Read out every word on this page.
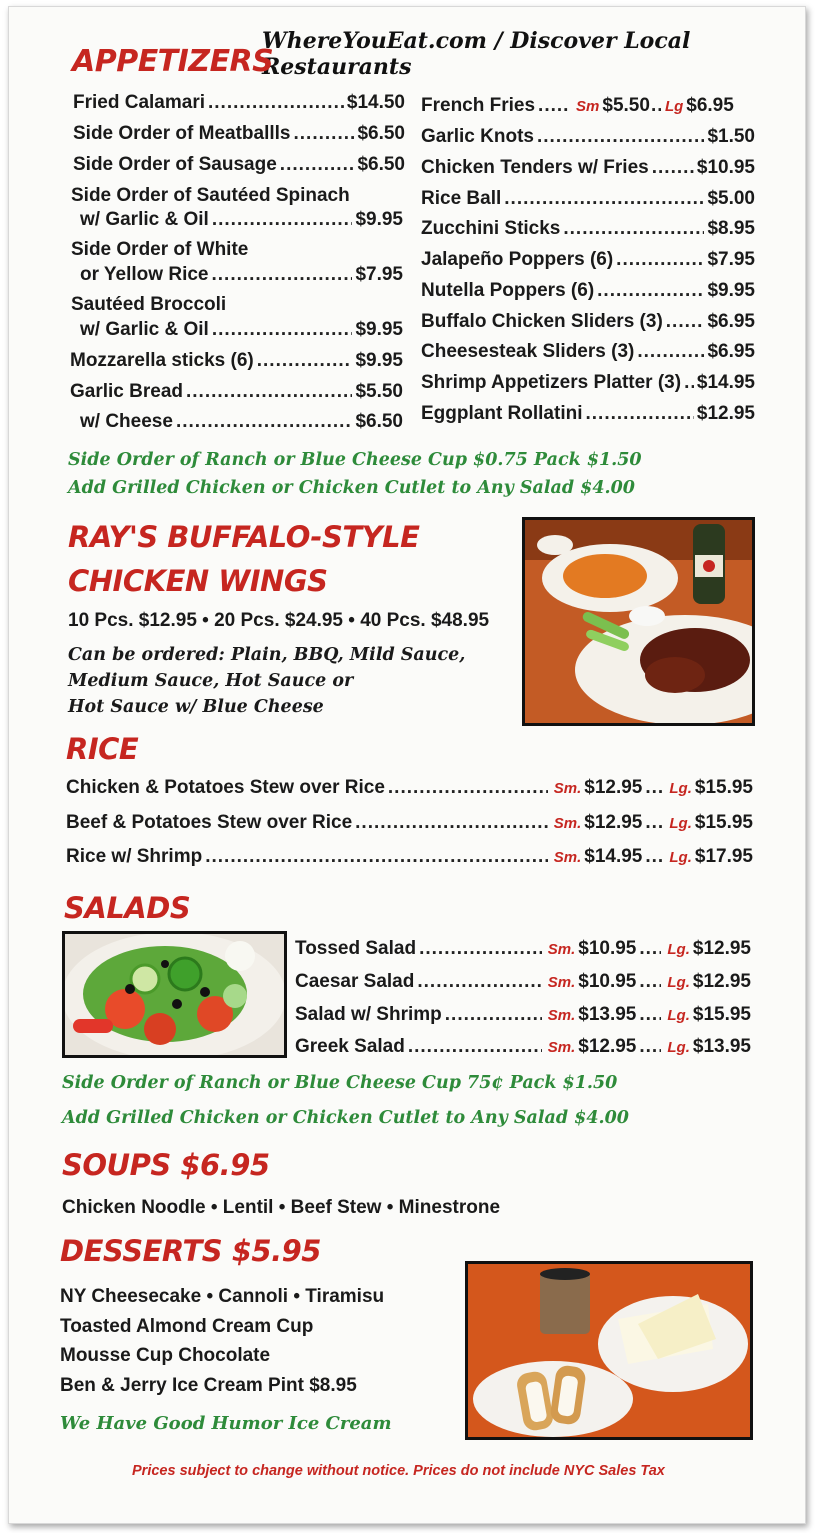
WhereYouEat.com / Discover Local Restaurants
APPETIZERS
Fried Calamari .....	$14.50
Side Order of Meatballls .....	$6.50
Side Order of Sausage .....	$6.50
Side Order of Sautéed Spinach
w/ Garlic & Oil .....	$9.95
Side Order of White
or Yellow Rice .....	$7.95
Sautéed Broccoli
w/ Garlic & Oil .....	$9.95
Mozzarella sticks (6) .....	$9.95
Garlic Bread .....	$5.50
w/ Cheese .....	$6.50
French Fries .....	Sm $5.50 ..... Lg $6.95
Garlic Knots .....	$1.50
Chicken Tenders w/ Fries .....	$10.95
Rice Ball .....	$5.00
Zucchini Sticks .....	$8.95
Jalapeño Poppers (6) .....	$7.95
Nutella Poppers (6) .....	$9.95
Buffalo Chicken Sliders (3) ..... $6.95
Cheesesteak Sliders (3) .....	$6.95
Shrimp Appetizers Platter (3) ..... $14.95
Eggplant Rollatini .....	$12.95
Side Order of Ranch or Blue Cheese Cup $0.75 Pack $1.50
Add Grilled Chicken or Chicken Cutlet to Any Salad $4.00
RAY'S BUFFALO-STYLE
CHICKEN WINGS
10 Pcs. $12.95 • 20 Pcs. $24.95 • 40 Pcs. $48.95
Can be ordered: Plain, BBQ, Mild Sauce,
Medium Sauce, Hot Sauce or
Hot Sauce w/ Blue Cheese
RICE
Chicken & Potatoes Stew over Rice .....	Sm. $12.95 ..... Lg. $15.95
Beef & Potatoes Stew over Rice .....	Sm. $12.95 ..... Lg. $15.95
Rice w/ Shrimp .....	Sm. $14.95 ..... Lg. $17.95
SALADS
Tossed Salad .....	Sm. $10.95 ..... Lg. $12.95
Caesar Salad .....	Sm. $10.95 ..... Lg. $12.95
Salad w/ Shrimp .....	Sm. $13.95 ..... Lg. $15.95
Greek Salad .....	Sm. $12.95 ..... Lg. $13.95
Side Order of Ranch or Blue Cheese Cup 75¢ Pack $1.50
Add Grilled Chicken or Chicken Cutlet to Any Salad $4.00
SOUPS $6.95
Chicken Noodle • Lentil • Beef Stew • Minestrone
DESSERTS $5.95
NY Cheesecake • Cannoli • Tiramisu
Toasted Almond Cream Cup
Mousse Cup Chocolate
Ben & Jerry Ice Cream Pint $8.95
We Have Good Humor Ice Cream
Prices subject to change without notice. Prices do not include NYC Sales Tax
